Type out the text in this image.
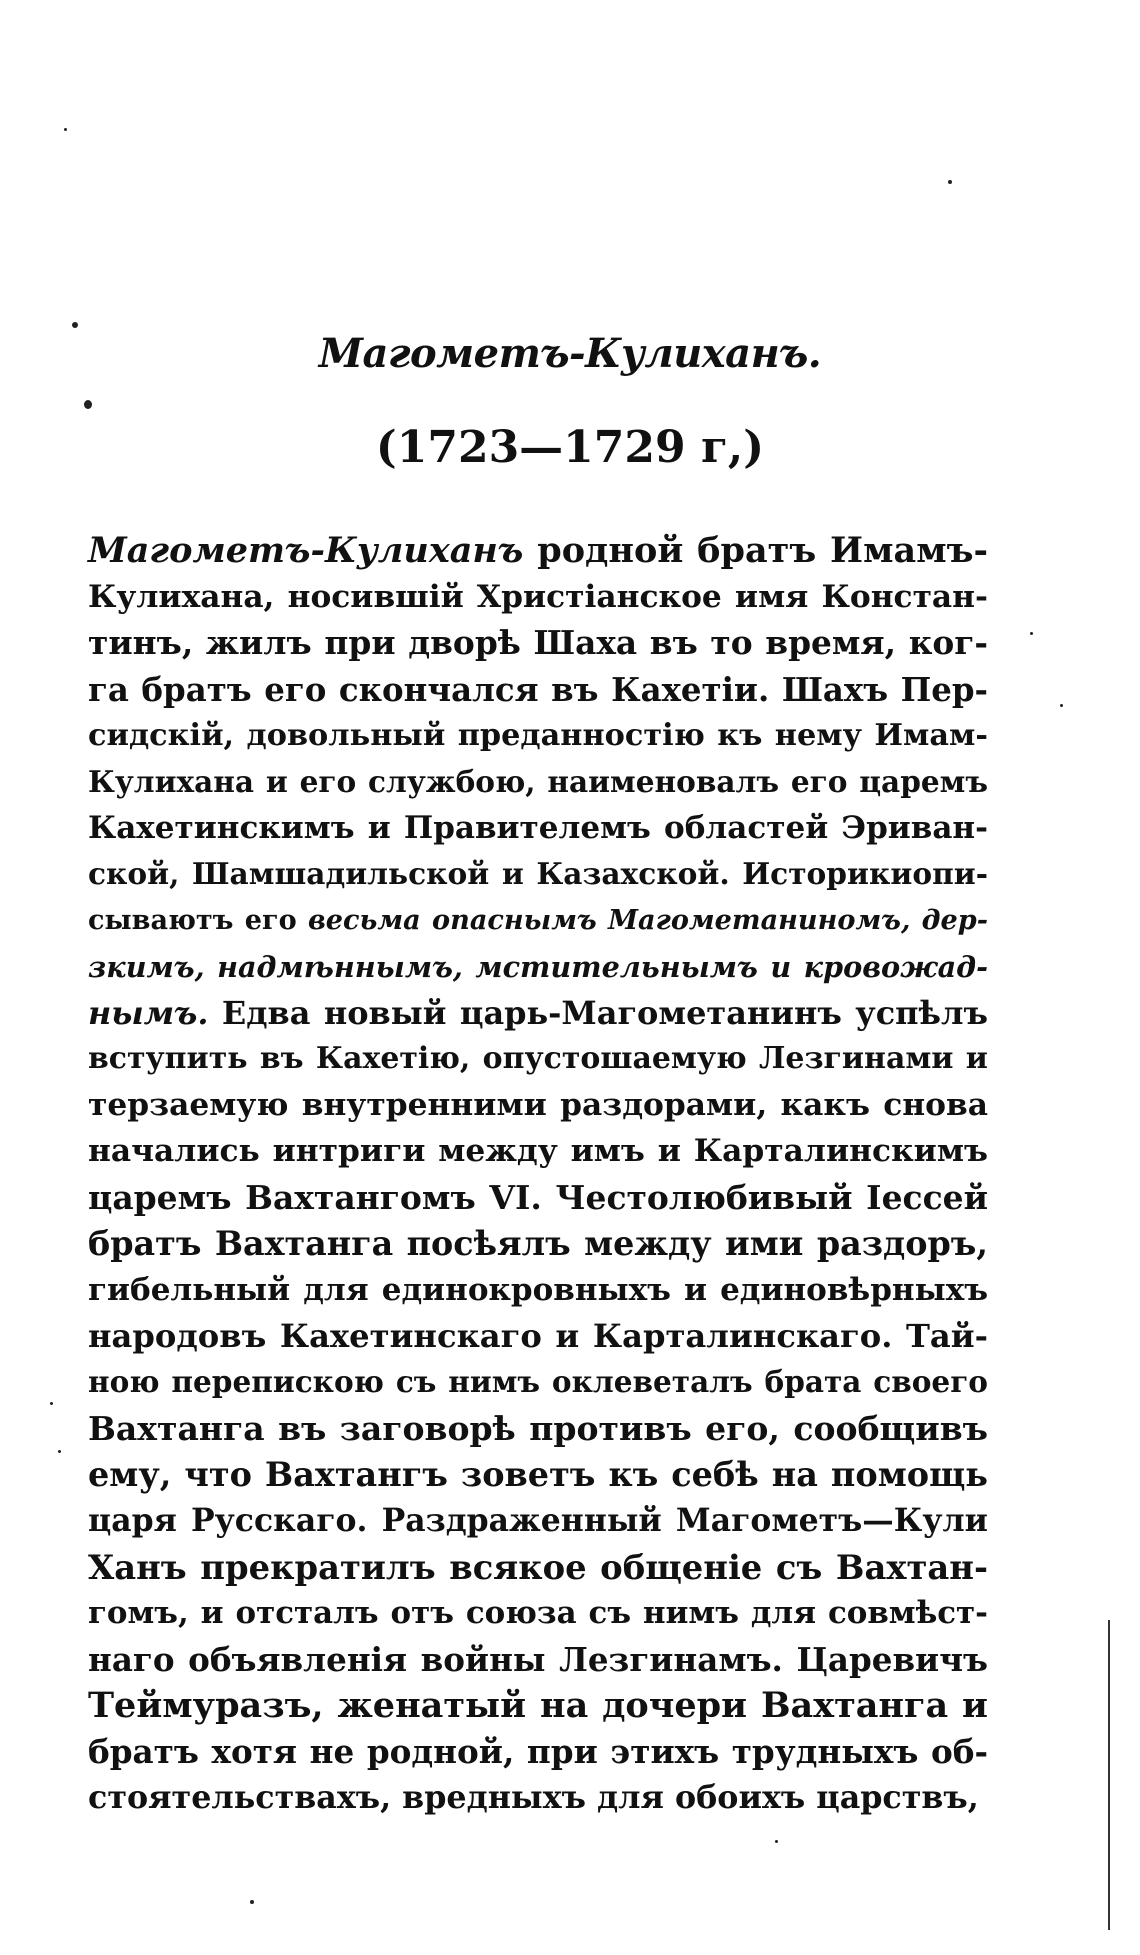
Магометъ-Кулиханъ.
(1723—1729 г,)
Магометъ-Кулиханъ родной братъ Имамъ-
Кулихана, носившій Христіанское имя Констан-
тинъ, жилъ при дворѣ Шаха въ то время, ког-
га братъ его скончался въ Кахетіи. Шахъ Пер-
сидскій, довольный преданностію къ нему Имам-
Кулихана и его службою, наименовалъ его царемъ
Кахетинскимъ и Правителемъ областей Эриван-
ской, Шамшадильской и Казахской. Историкиопи-
сываютъ его весьма опаснымъ Магометаниномъ, дер-
зкимъ, надмѣннымъ, мстительнымъ и кровожад-
нымъ. Едва новый царь-Магометанинъ успѣлъ
вступить въ Кахетію, опустошаемую Лезгинами и
терзаемую внутренними раздорами, какъ снова
начались интриги между имъ и Карталинскимъ
царемъ Вахтангомъ VI. Честолюбивый Іессей
братъ Вахтанга посѣялъ между ими раздоръ,
гибельный для единокровныхъ и единовѣрныхъ
народовъ Кахетинскаго и Карталинскаго. Тай-
ною перепискою съ нимъ оклеветалъ брата своего
Вахтанга въ заговорѣ противъ его, сообщивъ
ему, что Вахтангъ зоветъ къ себѣ на помощь
царя Русскаго. Раздраженный Магометъ—Кули
Ханъ прекратилъ всякое общеніе съ Вахтан-
гомъ, и отсталъ отъ союза съ нимъ для совмѣст-
наго объявленія войны Лезгинамъ. Царевичъ
Теймуразъ, женатый на дочери Вахтанга и
братъ хотя не родной, при этихъ трудныхъ об-
стоятельствахъ, вредныхъ для обоихъ царствъ,
